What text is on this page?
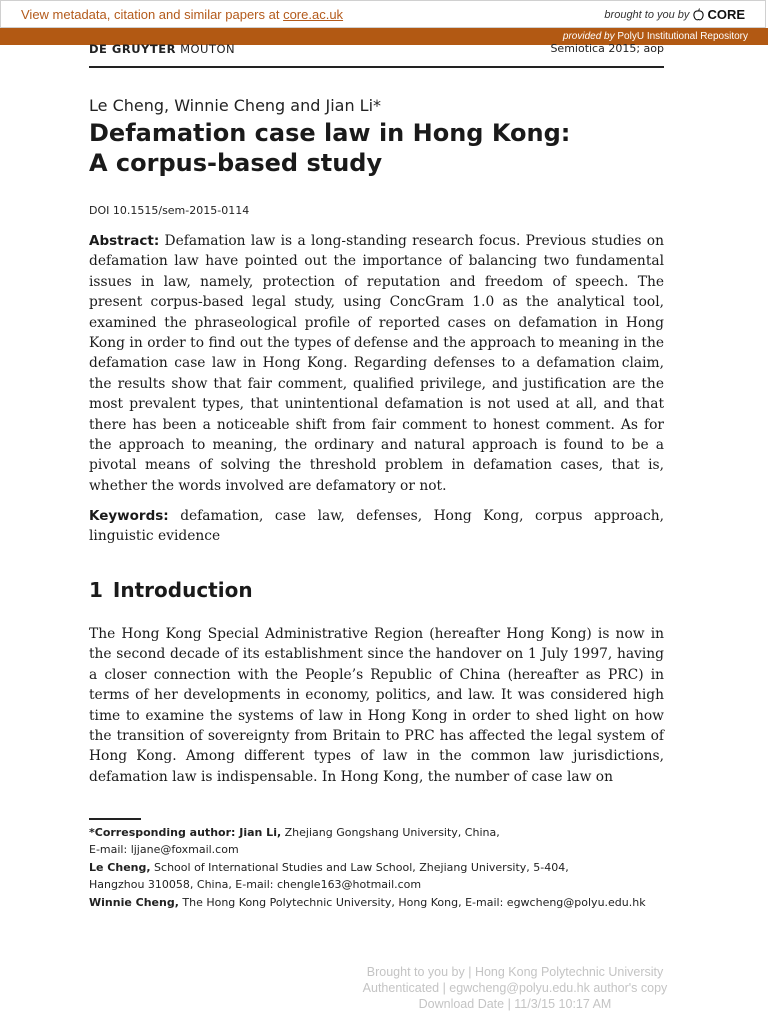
View metadata, citation and similar papers at core.ac.uk	brought to you by CORE
provided by PolyU Institutional Repository
DE GRUYTER MOUTON	Semiotica 2015; aop
Le Cheng, Winnie Cheng and Jian Li*
Defamation case law in Hong Kong:
A corpus-based study
DOI 10.1515/sem-2015-0114
Abstract: Defamation law is a long-standing research focus. Previous studies on defamation law have pointed out the importance of balancing two fundamental issues in law, namely, protection of reputation and freedom of speech. The present corpus-based legal study, using ConcGram 1.0 as the analytical tool, examined the phraseological profile of reported cases on defamation in Hong Kong in order to find out the types of defense and the approach to meaning in the defamation case law in Hong Kong. Regarding defenses to a defamation claim, the results show that fair comment, qualified privilege, and justification are the most prevalent types, that unintentional defamation is not used at all, and that there has been a noticeable shift from fair comment to honest comment. As for the approach to meaning, the ordinary and natural approach is found to be a pivotal means of solving the threshold problem in defamation cases, that is, whether the words involved are defamatory or not.
Keywords: defamation, case law, defenses, Hong Kong, corpus approach, linguistic evidence
1 Introduction
The Hong Kong Special Administrative Region (hereafter Hong Kong) is now in the second decade of its establishment since the handover on 1 July 1997, having a closer connection with the People’s Republic of China (hereafter as PRC) in terms of her developments in economy, politics, and law. It was considered high time to examine the systems of law in Hong Kong in order to shed light on how the transition of sovereignty from Britain to PRC has affected the legal system of Hong Kong. Among different types of law in the common law jurisdictions, defamation law is indispensable. In Hong Kong, the number of case law on
*Corresponding author: Jian Li, Zhejiang Gongshang University, China,
E-mail: ljjane@foxmail.com
Le Cheng, School of International Studies and Law School, Zhejiang University, 5-404,
Hangzhou 310058, China, E-mail: chengle163@hotmail.com
Winnie Cheng, The Hong Kong Polytechnic University, Hong Kong, E-mail: egwcheng@polyu.edu.hk
Brought to you by | Hong Kong Polytechnic University
Authenticated | egwcheng@polyu.edu.hk author's copy
Download Date | 11/3/15 10:17 AM
